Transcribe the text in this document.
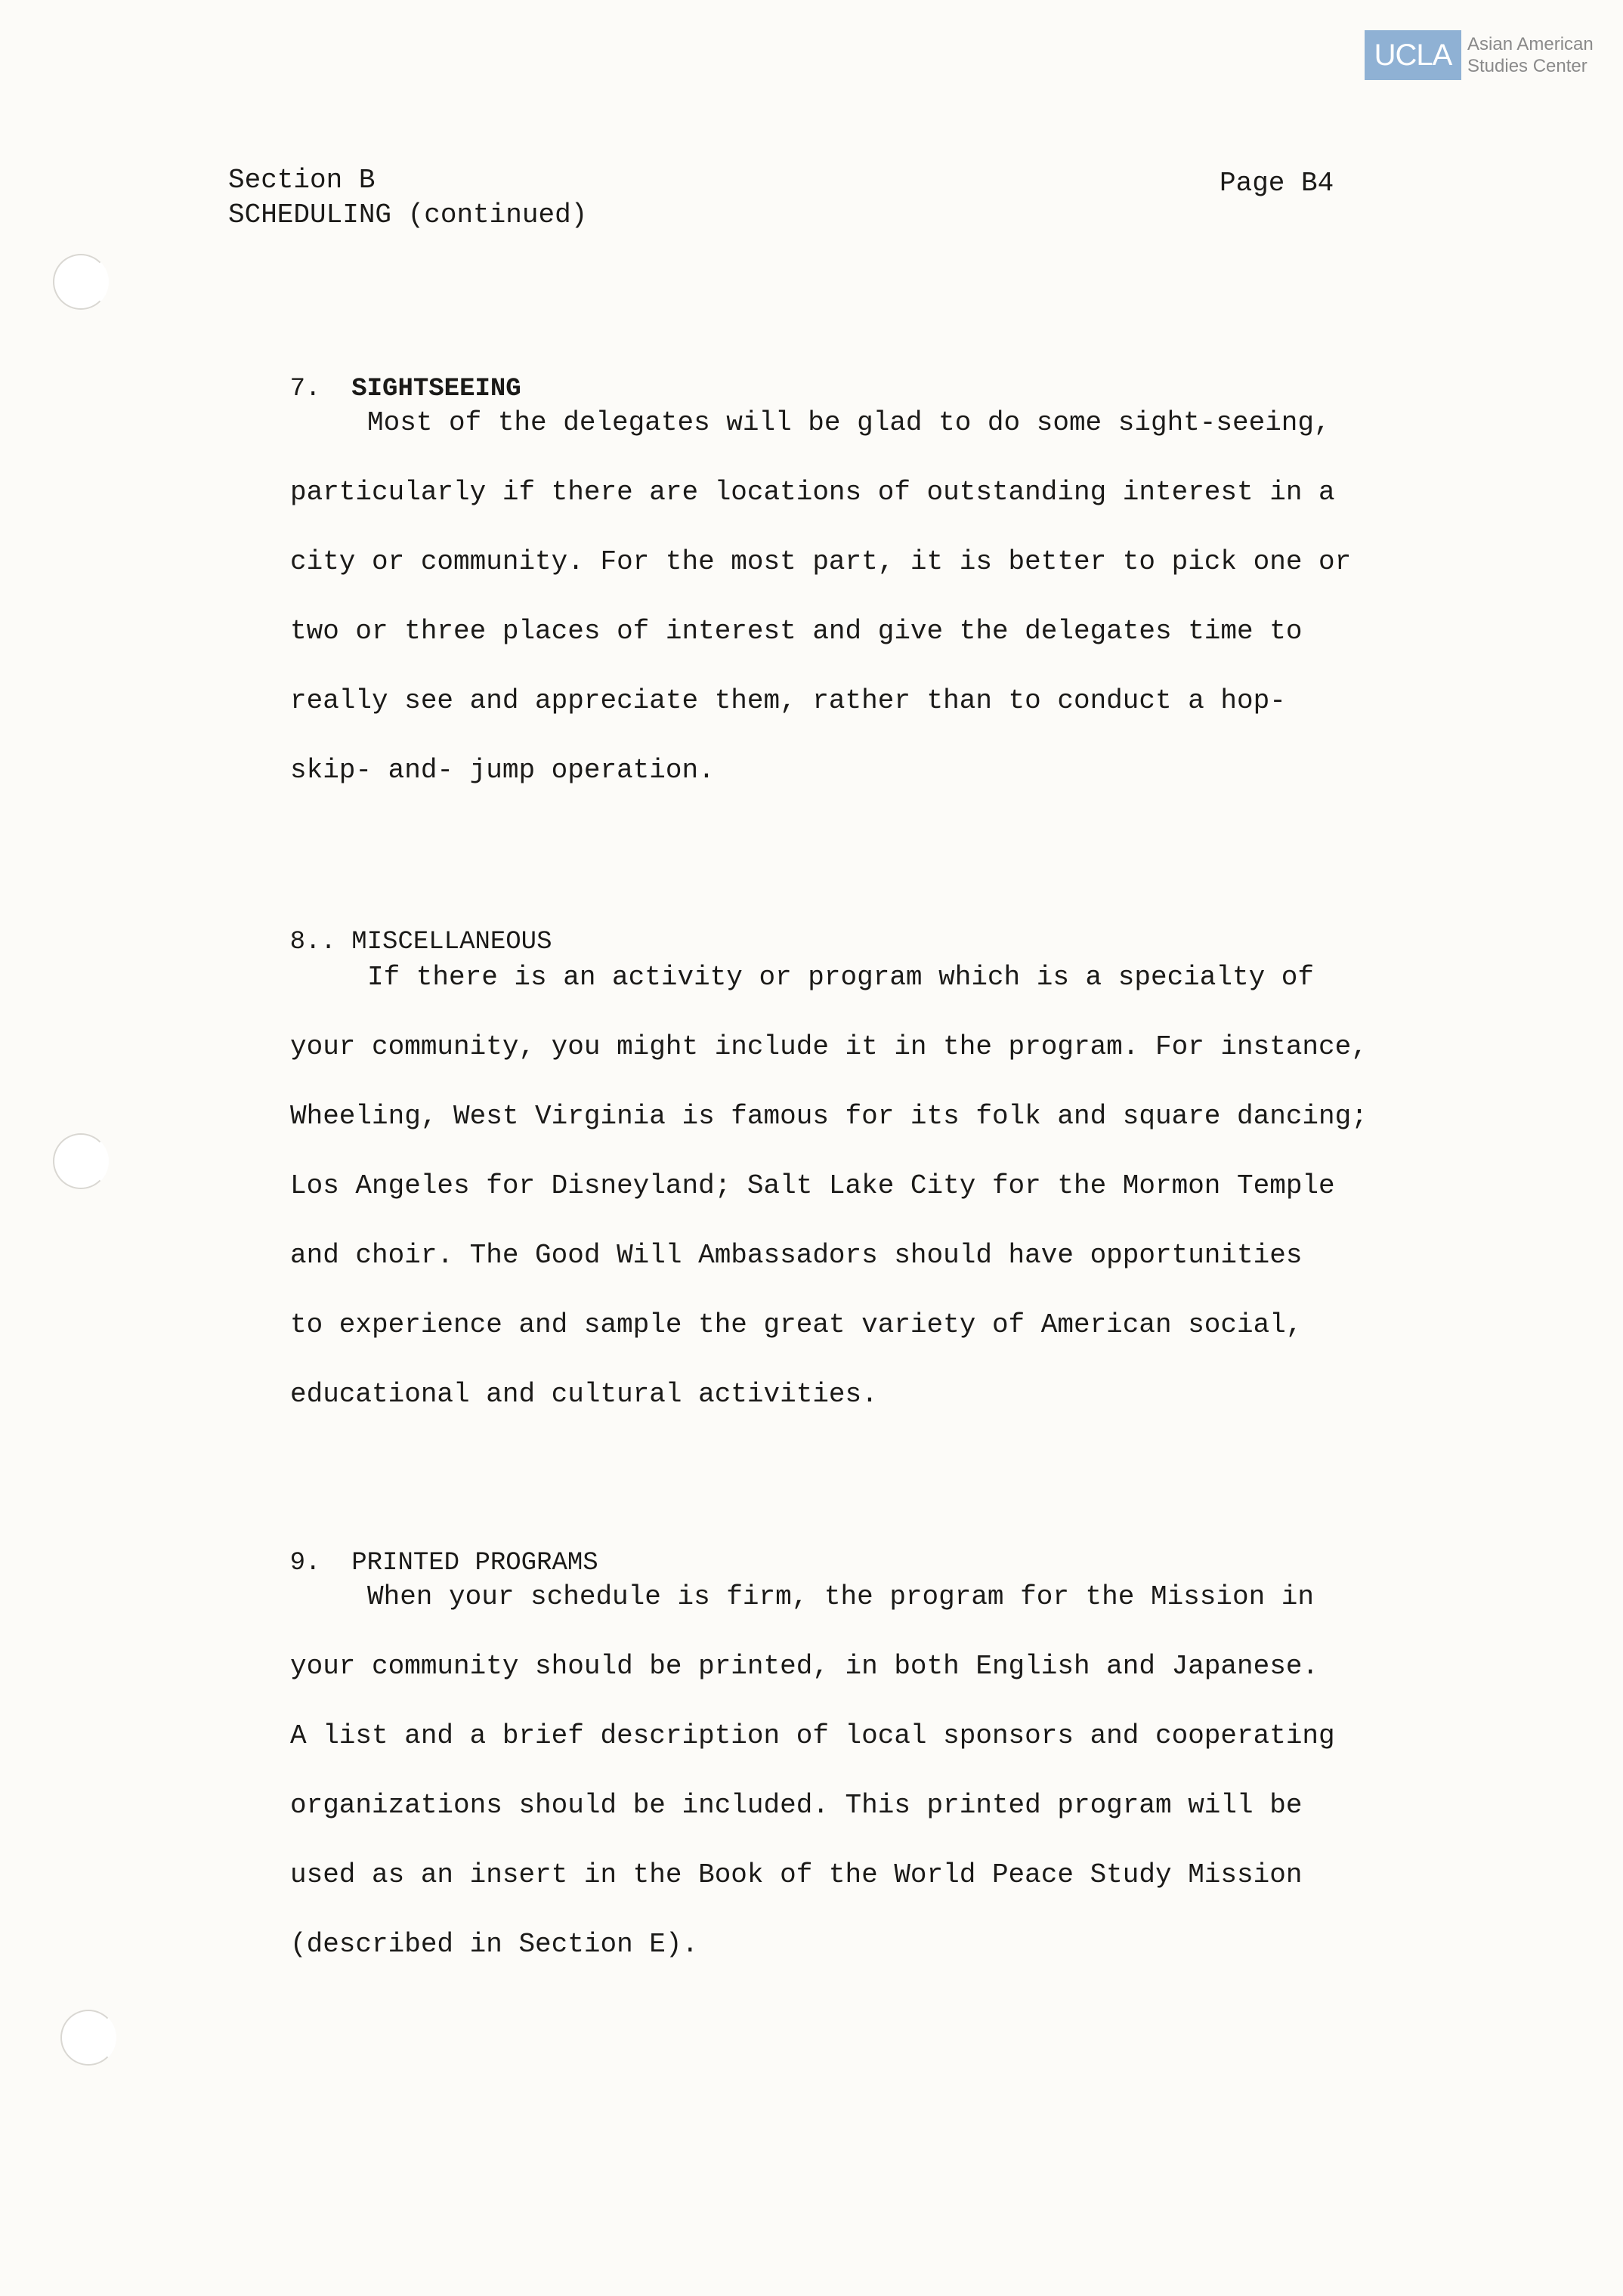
UCLA Asian American
Studies Center
Section B
SCHEDULING (continued)
Page B4

7. SIGHTSEEING

Most of the delegates will be glad to do some sight-seeing,
particularly if there are locations of outstanding interest in a
city or community. For the most part, it is better to pick one or
two or three places of interest and give the delegates time to
really see and appreciate them, rather than to conduct a hop-
skip- and- jump operation.

8.. MISCELLANEOUS

If there is an activity or program which is a specialty of
your community, you might include it in the program. For instance,
Wheeling, West Virginia is famous for its folk and square dancing;
Los Angeles for Disneyland; Salt Lake City for the Mormon Temple
and choir. The Good Will Ambassadors should have opportunities
to experience and sample the great variety of American social,
educational and cultural activities.

9. PRINTED PROGRAMS

When your schedule is firm, the program for the Mission in
your community should be printed, in both English and Japanese.
A list and a brief description of local sponsors and cooperating
organizations should be included. This printed program will be
used as an insert in the Book of the World Peace Study Mission
(described in Section E).
